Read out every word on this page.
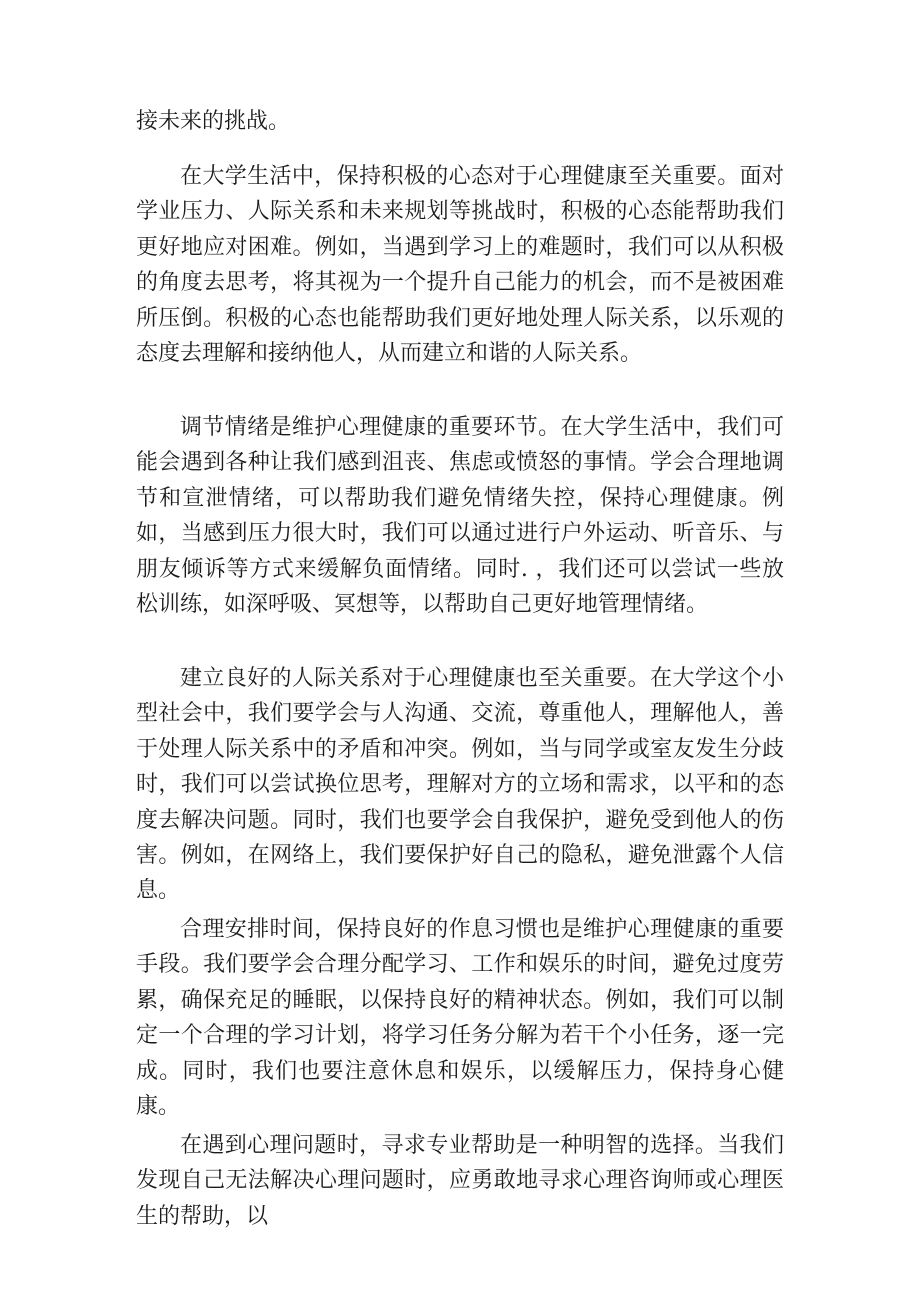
接未来的挑战。

在大学生活中，保持积极的心态对于心理健康至关重要。面对学业压力、人际关系和未来规划等挑战时，积极的心态能帮助我们更好地应对困难。例如，当遇到学习上的难题时，我们可以从积极的角度去思考，将其视为一个提升自己能力的机会，而不是被困难所压倒。积极的心态也能帮助我们更好地处理人际关系，以乐观的态度去理解和接纳他人，从而建立和谐的人际关系。

调节情绪是维护心理健康的重要环节。在大学生活中，我们可能会遇到各种让我们感到沮丧、焦虑或愤怒的事情。学会合理地调节和宣泄情绪，可以帮助我们避免情绪失控，保持心理健康。例如，当感到压力很大时，我们可以通过进行户外运动、听音乐、与朋友倾诉等方式来缓解负面情绪。同时. ，我们还可以尝试一些放松训练，如深呼吸、冥想等，以帮助自己更好地管理情绪。

建立良好的人际关系对于心理健康也至关重要。在大学这个小型社会中，我们要学会与人沟通、交流，尊重他人，理解他人，善于处理人际关系中的矛盾和冲突。例如，当与同学或室友发生分歧时，我们可以尝试换位思考，理解对方的立场和需求，以平和的态度去解决问题。同时，我们也要学会自我保护，避免受到他人的伤害。例如，在网络上，我们要保护好自己的隐私，避免泄露个人信息。

合理安排时间，保持良好的作息习惯也是维护心理健康的重要手段。我们要学会合理分配学习、工作和娱乐的时间，避免过度劳累，确保充足的睡眠，以保持良好的精神状态。例如，我们可以制定一个合理的学习计划，将学习任务分解为若干个小任务，逐一完成。同时，我们也要注意休息和娱乐，以缓解压力，保持身心健康。

在遇到心理问题时，寻求专业帮助是一种明智的选择。当我们发现自己无法解决心理问题时，应勇敢地寻求心理咨询师或心理医生的帮助，以
